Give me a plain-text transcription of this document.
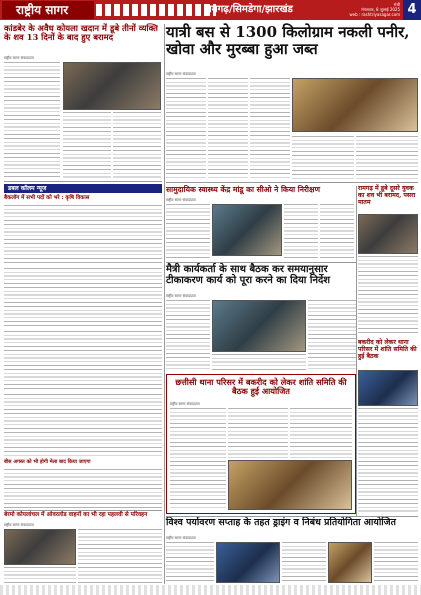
राष्ट्रीय सागर	रामगढ़/सिमडेगा/झारखंड	रांची
मंगलवार, 8 जुलाई 2025
web : rashtriyasagar.com 4
कांडबेर के अवैध कोयला खदान में डूबे तीनों व्यक्ति के शव 13 दिनों के बाद हुए बरामद
राष्ट्रीय सागर संवाददाता
यात्री बस से 1300 किलोग्राम नकली पनीर, खोवा और मुरब्बा हुआ जब्त
राष्ट्रीय सागर संवाददाता
डबल कॉलम न्यूज
बैकलॉग में सभी पदों को भरे : कृषि विकास
बीस अगस्त को भी होगी मेला बाद किया जाएगा
सामुदायिक स्वास्थ्य केंद्र मांडू का सीओ ने किया निरीक्षण
राष्ट्रीय सागर संवाददाता
रामगढ़ में डूबे दूसरे युवक का शव भी बरामद, पसरा मातम
मैत्री कार्यकर्ता के साथ बैठक कर समयानुसार टीकाकरण कार्य को पूरा करने का दिया निर्देश
राष्ट्रीय सागर संवाददाता
बकरीद को लेकर थाना परिसर में शांति समिति की हुई बैठक
छत्तीसी थाना परिसर में बकरीद को लेकर शांति समिति की बैठक हुई आयोजित
राष्ट्रीय सागर संवाददाता
बेरमो कोयलांचल में ओवरलोड वाहनों का भी रहा पहलवी से परिवहन
राष्ट्रीय सागर संवाददाता	विश्व पर्यावरण सप्ताह के तहत ड्राइंग व निबंध प्रतियोगिता आयोजित
राष्ट्रीय सागर संवाददाता
